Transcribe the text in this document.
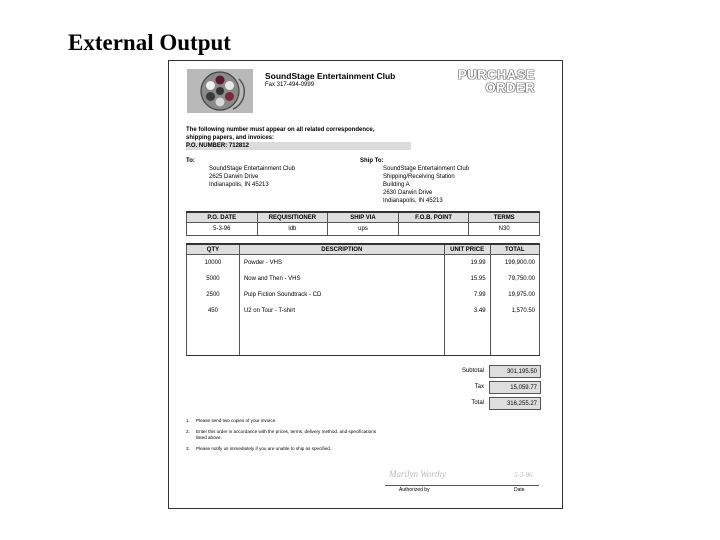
External Output
SoundStage Entertainment Club
Fax 317-494-0999
PURCHASE
ORDER
The following number must appear on all related correspondence,
shipping papers, and invoices:
P.O. NUMBER: 712812
To:
SoundStage Entertainment Club
2625 Darwin Drive
Indianapolis, IN 45213
Ship To:
SoundStage Entertainment Club
Shipping/Receiving Station
Building A
2630 Darwin Drive
Indianapolis, IN 45213
P.O. DATE	REQUISITIONER	SHIP VIA	F.O.B. POINT	TERMS
5-3-96	ldb	ups		N30
QTY	DESCRIPTION	UNIT PRICE	TOTAL
10000	Powder - VHS	19.99	199,900.00
5000	Now and Then - VHS	15.95	79,750.00
2500	Pulp Fiction Soundtrack - CD	7.99	19,975.00
450	U2 on Tour - T-shirt	3.49	1,570.50

Subtotal	301,195.50
Tax	15,059.77
Total	316,255.27
1.	Please send two copies of your invoice.
2.	Enter this order in accordance with the prices, terms, delivery method, and specifications listed above.
3.	Please notify us immediately if you are unable to ship as specified.
Marilyn Worthy	5-3-96
Authorized by	Date
